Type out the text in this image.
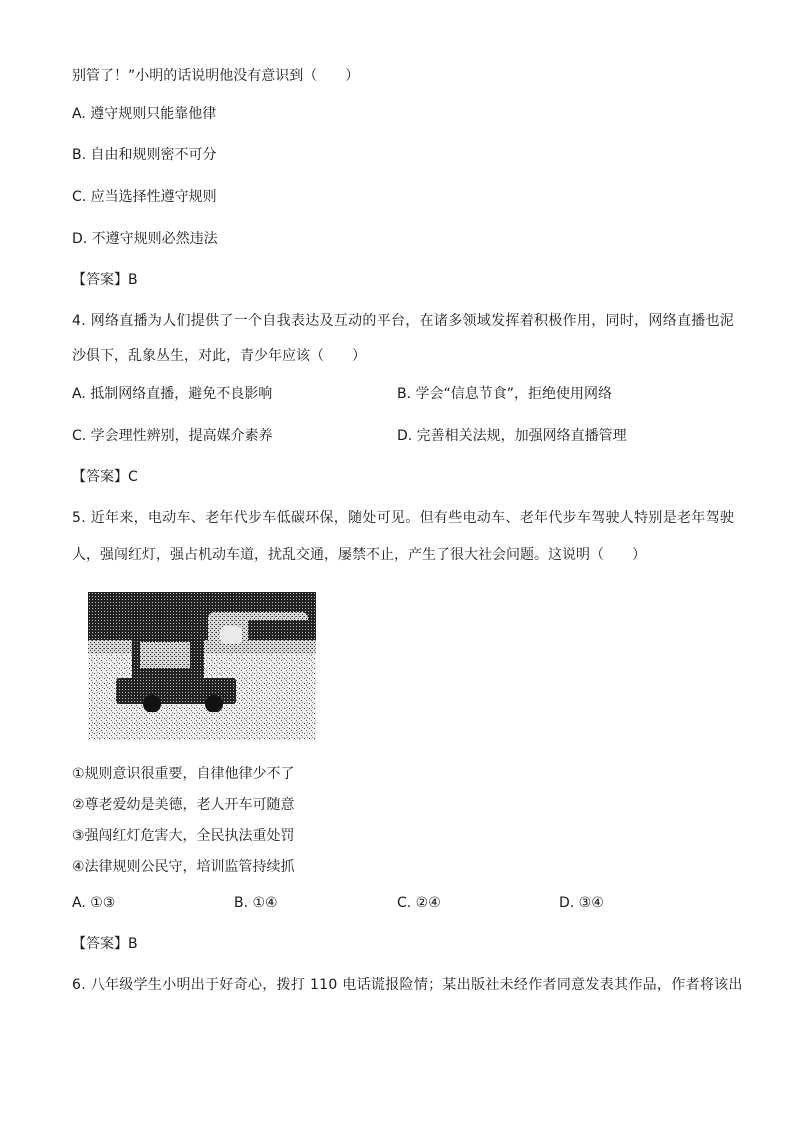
别管了！”小明的话说明他没有意识到（　　）
A. 遵守规则只能靠他律
B. 自由和规则密不可分
C. 应当选择性遵守规则
D. 不遵守规则必然违法
【答案】B
4. 网络直播为人们提供了一个自我表达及互动的平台，在诸多领域发挥着积极作用，同时，网络直播也泥
沙俱下，乱象丛生，对此，青少年应该（　　）
A. 抵制网络直播，避免不良影响	B. 学会“信息节食”，拒绝使用网络
C. 学会理性辨别，提高媒介素养	D. 完善相关法规，加强网络直播管理
【答案】C
5. 近年来，电动车、老年代步车低碳环保，随处可见。但有些电动车、老年代步车驾驶人特别是老年驾驶
人，强闯红灯，强占机动车道，扰乱交通，屡禁不止，产生了很大社会问题。这说明（　　）
①规则意识很重要，自律他律少不了
②尊老爱幼是美德，老人开车可随意
③强闯红灯危害大，全民执法重处罚
④法律规则公民守，培训监管持续抓
A. ①③	B. ①④	C. ②④	D. ③④
【答案】B
6. 八年级学生小明出于好奇心，拨打 110 电话谎报险情；某出版社未经作者同意发表其作品，作者将该出
